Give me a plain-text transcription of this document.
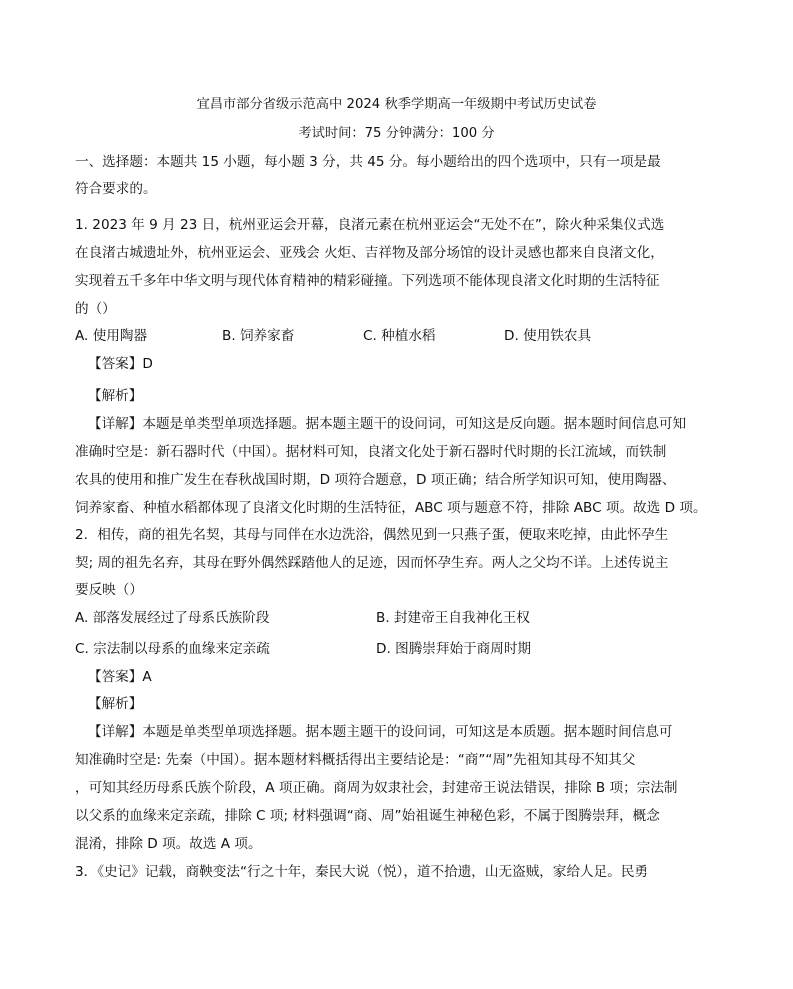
宜昌市部分省级示范高中 2024 秋季学期高一年级期中考试历史试卷
考试时间：75 分钟满分：100 分
一、选择题：本题共 15 小题，每小题 3 分，共 45 分。每小题给出的四个选项中，只有一项是最
符合要求的。
1. 2023 年 9 月 23 日，杭州亚运会开幕，良渚元素在杭州亚运会“无处不在”，除火种采集仪式选
在良渚古城遗址外，杭州亚运会、亚残会 火炬、吉祥物及部分场馆的设计灵感也都来自良渚文化，
实现着五千多年中华文明与现代体育精神的精彩碰撞。下列选项不能体现良渚文化时期的生活特征
的（）
A. 使用陶器	B. 饲养家畜	C. 种植水稻	D. 使用铁农具
【答案】D
【解析】
【详解】本题是单类型单项选择题。据本题主题干的设问词，可知这是反向题。据本题时间信息可知
准确时空是：新石器时代（中国）。据材料可知，良渚文化处于新石器时代时期的长江流域，而铁制
农具的使用和推广发生在春秋战国时期，D 项符合题意，D 项正确；结合所学知识可知，使用陶器、
饲养家畜、种植水稻都体现了良渚文化时期的生活特征，ABC 项与题意不符，排除 ABC 项。故选 D 项。
2．相传，商的祖先名契，其母与同伴在水边洗浴，偶然见到一只燕子蛋，便取来吃掉，由此怀孕生
契; 周的祖先名弃，其母在野外偶然踩踏他人的足迹，因而怀孕生弃。两人之父均不详。上述传说主
要反映（）
A. 部落发展经过了母系氏族阶段	B. 封建帝王自我神化王权
C. 宗法制以母系的血缘来定亲疏	D. 图腾崇拜始于商周时期
【答案】A
【解析】
【详解】本题是单类型单项选择题。据本题主题干的设问词，可知这是本质题。据本题时间信息可
知准确时空是: 先秦（中国）。据本题材料概括得出主要结论是：“商”“周”先祖知其母不知其父
，可知其经历母系氏族个阶段，A 项正确。商周为奴隶社会，封建帝王说法错误，排除 B 项；宗法制
以父系的血缘来定亲疏，排除 C 项; 材料强调“商、周”始祖诞生神秘色彩，不属于图腾崇拜，概念
混淆，排除 D 项。故选 A 项。
3．《史记》记载，商鞅变法“行之十年，秦民大说（悦），道不拾遗，山无盗贼，家给人足。民勇
